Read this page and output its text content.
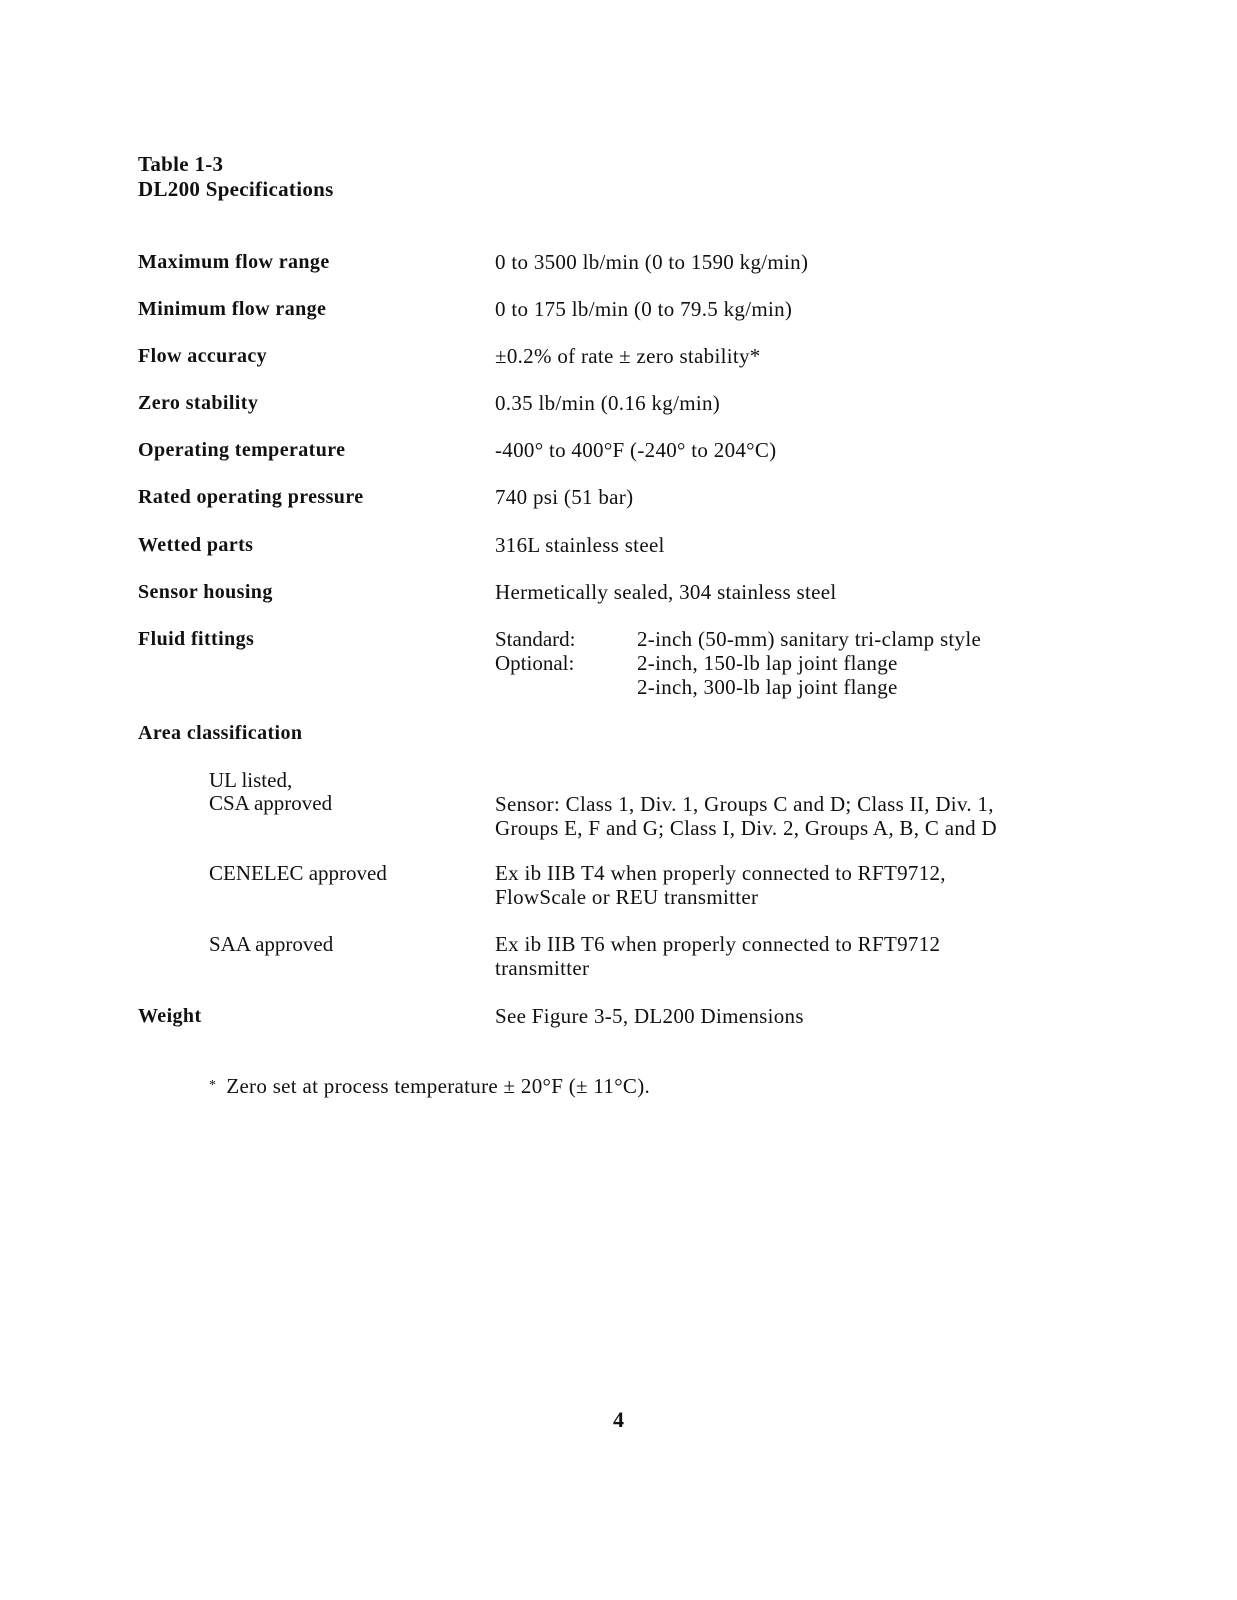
Table 1-3
DL200 Specifications
Maximum flow range	0 to 3500 lb/min (0 to 1590 kg/min)
Minimum flow range	0 to 175 lb/min (0 to 79.5 kg/min)
Flow accuracy	±0.2% of rate ± zero stability*
Zero stability	0.35 lb/min (0.16 kg/min)
Operating temperature	-400° to 400°F (-240° to 204°C)
Rated operating pressure	740 psi (51 bar)
Wetted parts	316L stainless steel
Sensor housing	Hermetically sealed, 304 stainless steel
Fluid fittings	Standard:	2-inch (50-mm) sanitary tri-clamp style
Optional:	2-inch, 150-lb lap joint flange
2-inch, 300-lb lap joint flange
Area classification
UL listed,
CSA approved	Sensor: Class 1, Div. 1, Groups C and D; Class II, Div. 1,
Groups E, F and G; Class I, Div. 2, Groups A, B, C and D
CENELEC approved	Ex ib IIB T4 when properly connected to RFT9712,
FlowScale or REU transmitter
SAA approved	Ex ib IIB T6 when properly connected to RFT9712
transmitter
Weight	See Figure 3-5, DL200 Dimensions
* Zero set at process temperature ± 20°F (± 11°C).
4
